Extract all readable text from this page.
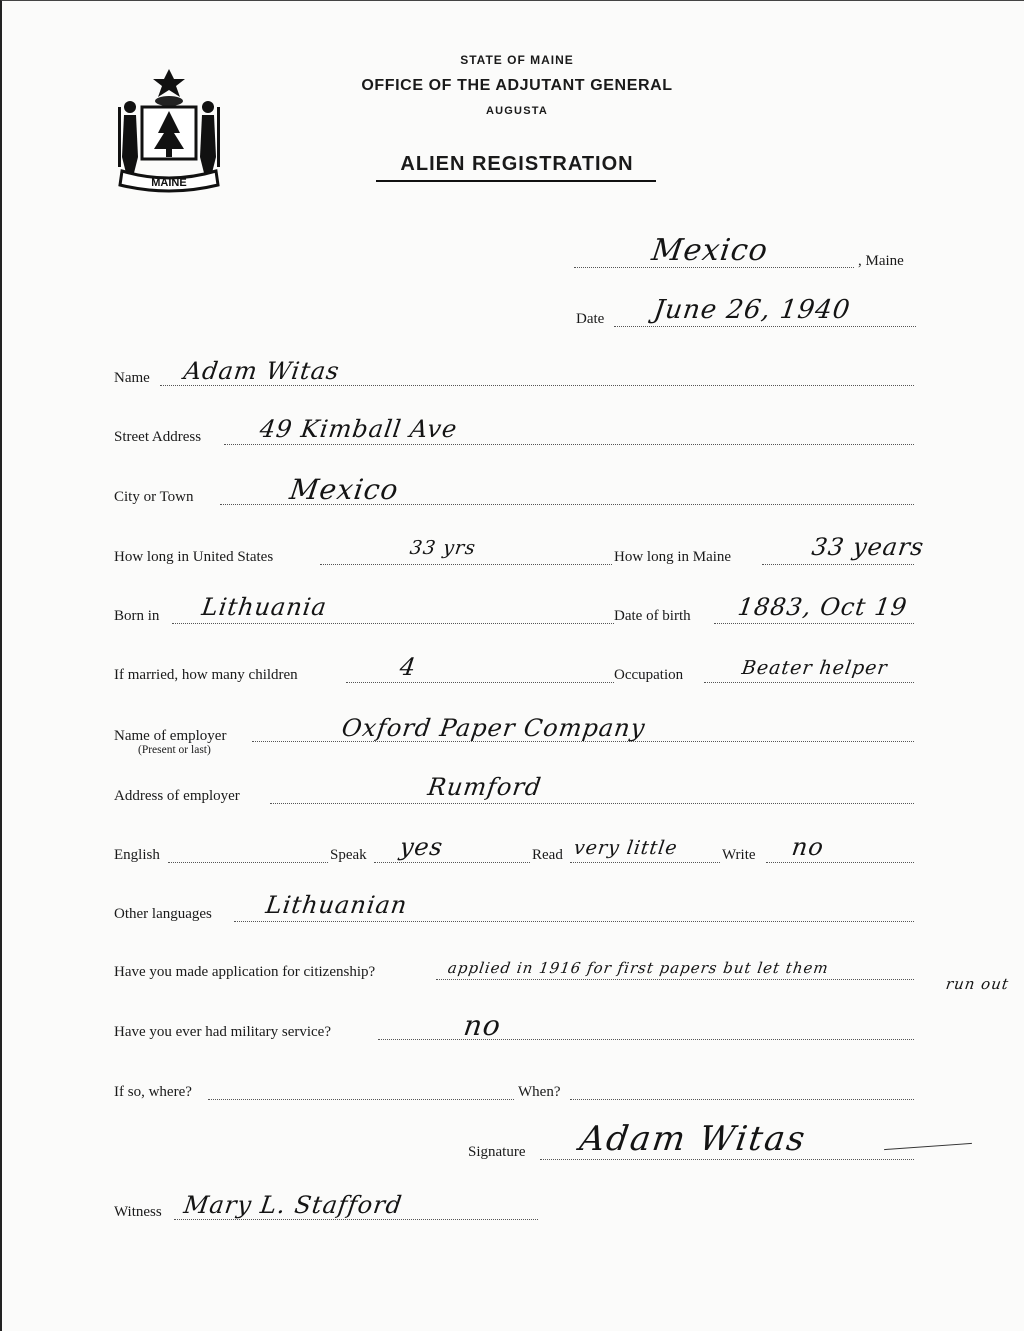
MAINE
STATE OF MAINE
OFFICE OF THE ADJUTANT GENERAL
AUGUSTA
ALIEN REGISTRATION
Mexico	, Maine
Date June 26, 1940
Name Adam Witas
Street Address 49 Kimball Ave
City or Town	Mexico
How long in United States	33 yrs	How long in Maine	33 years
Born in Lithuania	Date of birth 1883, Oct 19
If married, how many children	4	Occupation	Beater helper
Name of employer
(Present or last)
Oxford Paper Company
Address of employer	Rumford
English	Speak yes	Read very little	Write no
Other languages Lithuanian
Have you made application for citizenship?	applied in 1916 for first papers but let them
run out
Have you ever had military service?	no
If so, where?	When?
Signature Adam Witas
Witness Mary L. Stafford
